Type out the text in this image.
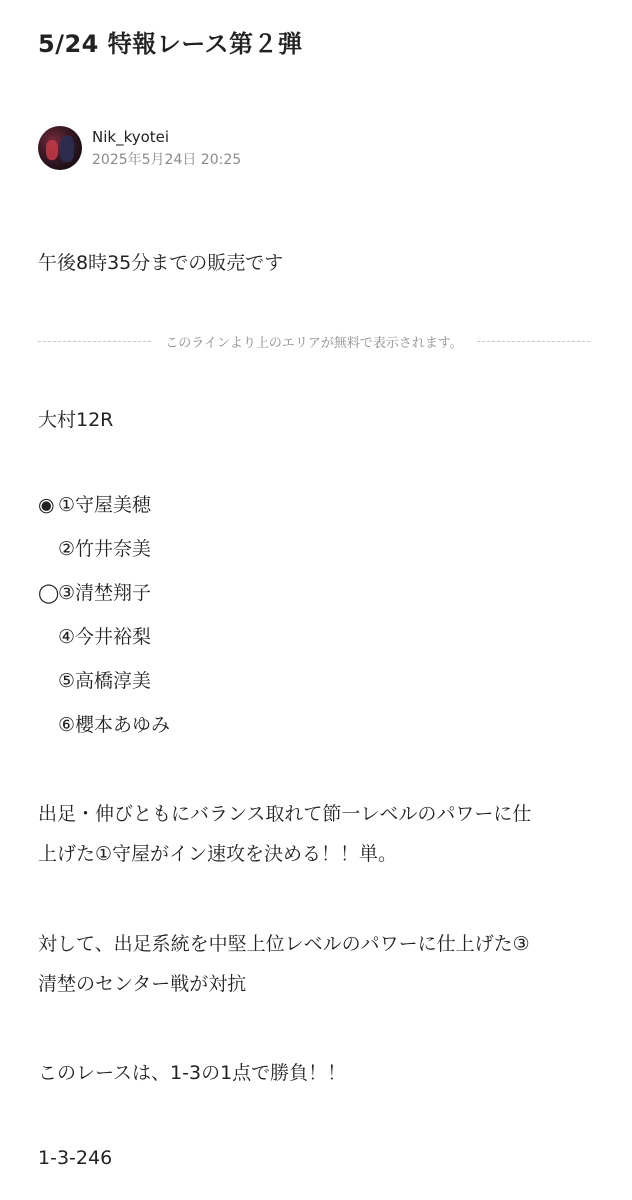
5/24 特報レース第２弾
Nik_kyotei
2025年5月24日 20:25
午後8時35分までの販売です
このラインより上のエリアが無料で表示されます。
大村12R
◉ ①守屋美穂
②竹井奈美
◯③清埜翔子
④今井裕梨
⑤高橋淳美
⑥櫻本あゆみ
出足・伸びともにバランス取れて節一レベルのパワーに仕
上げた①守屋がイン速攻を決める！！単。
対して、出足系統を中堅上位レベルのパワーに仕上げた③
清埜のセンター戦が対抗
このレースは、1-3の1点で勝負！！
1-3-246
